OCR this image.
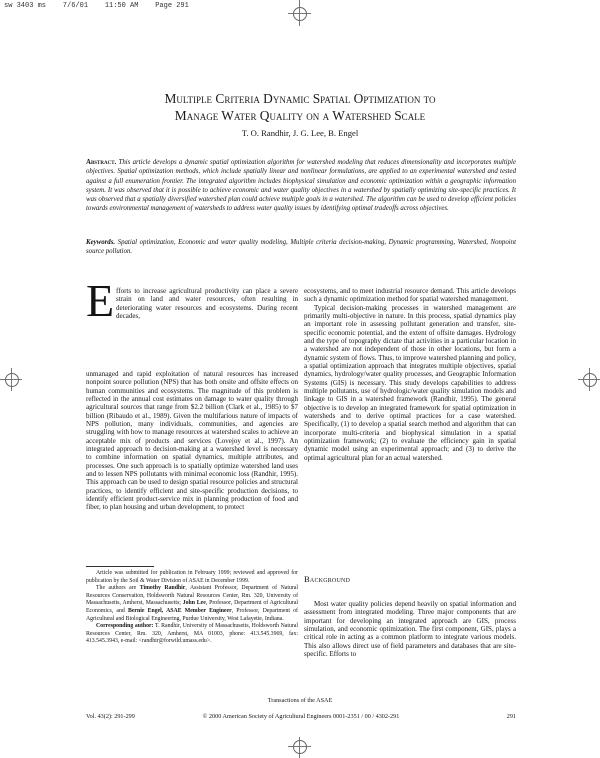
sw 3403 ms    7/6/01    11:50 AM    Page 291
Multiple Criteria Dynamic Spatial Optimization to
Manage Water Quality on a Watershed Scale
T. O. Randhir, J. G. Lee, B. Engel
Abstract. This article develops a dynamic spatial optimization algorithm for watershed modeling that reduces dimensionality and incorporates multiple objectives. Spatial optimization methods, which include spatially linear and nonlinear formulations, are applied to an experimental watershed and tested against a full enumeration frontier. The integrated algorithm includes biophysical simulation and economic optimization within a geographic information system. It was observed that it is possible to achieve economic and water quality objectives in a watershed by spatially optimizing site-specific practices. It was observed that a spatially diversified watershed plan could achieve multiple goals in a watershed. The algorithm can be used to develop efficient policies towards environmental management of watersheds to address water quality issues by identifying optimal tradeoffs across objectives.
Keywords. Spatial optimization, Economic and water quality modeling, Multiple criteria decision-making, Dynamic programming, Watershed, Nonpoint source pollution.
E fforts to increase agricultural productivity can place a severe strain on land and water resources, often resulting in deteriorating water resources and ecosystems. During recent decades,
unmanaged and rapid exploitation of natural resources has increased nonpoint source pollution (NPS) that has both onsite and offsite effects on human communities and ecosystems. The magnitude of this problem is reflected in the annual cost estimates on damage to water quality through agricultural sources that range from $2.2 billion (Clark et al., 1985) to $7 billion (Ribaudo et al., 1989). Given the multifarious nature of impacts of NPS pollution, many individuals, communities, and agencies are struggling with how to manage resources at watershed scales to achieve an acceptable mix of products and services (Lovejoy et al., 1997). An integrated approach to decision-making at a watershed level is necessary to combine information on spatial dynamics, multiple attributes, and processes. One such approach is to spatially optimize watershed land uses and to lessen NPS pollutants with minimal economic loss (Randhir, 1995). This approach can be used to design spatial resource policies and structural practices, to identify efficient and site-specific production decisions, to identify efficient product-service mix in planning production of food and fiber, to plan housing and urban development, to protect

ecosystems, and to meet industrial resource demand. This article develops such a dynamic optimization method for spatial watershed management.

Typical decision-making processes in watershed management are primarily multi-objective in nature. In this process, spatial dynamics play an important role in assessing pollutant generation and transfer, site-specific economic potential, and the extent of offsite damages. Hydrology and the type of topography dictate that activities in a particular location in a watershed are not independent of those in other locations, but form a dynamic system of flows. Thus, to improve watershed planning and policy, a spatial optimization approach that integrates multiple objectives, spatial dynamics, hydrology/water quality processes, and Geographic Information Systems (GIS) is necessary. This study develops capabilities to address multiple pollutants, use of hydrologic/water quality simulation models and linkage to GIS in a watershed framework (Randhir, 1995). The general objective is to develop an integrated framework for spatial optimization in watersheds and to derive optimal practices for a case watershed. Specifically, (1) to develop a spatial search method and algorithm that can incorporate multi-criteria and biophysical simulation in a spatial optimization framework; (2) to evaluate the efficiency gain in spatial dynamic model using an experimental approach; and (3) to derive the optimal agricultural plan for an actual watershed.

Background
Most water quality policies depend heavily on spatial information and assessment from integrated modeling. Three major components that are important for developing an integrated approach are GIS, process simulation, and economic optimization. The first component, GIS, plays a critical role in acting as a common platform to integrate various models. This also allows direct use of field parameters and databases that are site-specific. Efforts to

Article was submitted for publication in February 1999; reviewed and approved for publication by the Soil & Water Division of ASAE in December 1999.

The authors are Timothy Randhir, Assistant Professor, Department of Natural Resources Conservation, Holdsworth Natural Resources Center, Rm. 320, University of Massachusetts, Amherst, Massachusetts; John Lee, Professor, Department of Agricultural Economics, and Bernie Engel, ASAE Member Engineer, Professor, Department of Agricultural and Biological Engineering, Purdue University, West Lafayette, Indiana.

Corresponding author: T. Randhir, University of Massachusetts, Holdsworth Natural Resources Center, Rm. 320, Amherst, MA 01003, phone: 413.545.3969, fax: 413.545.3943, e-mail: <randhir@forwild.umass.edu>.

Transactions of the ASAE
Vol. 43(2): 291-299	© 2000 American Society of Agricultural Engineers 0001-2351 / 00 / 4302-291	291
